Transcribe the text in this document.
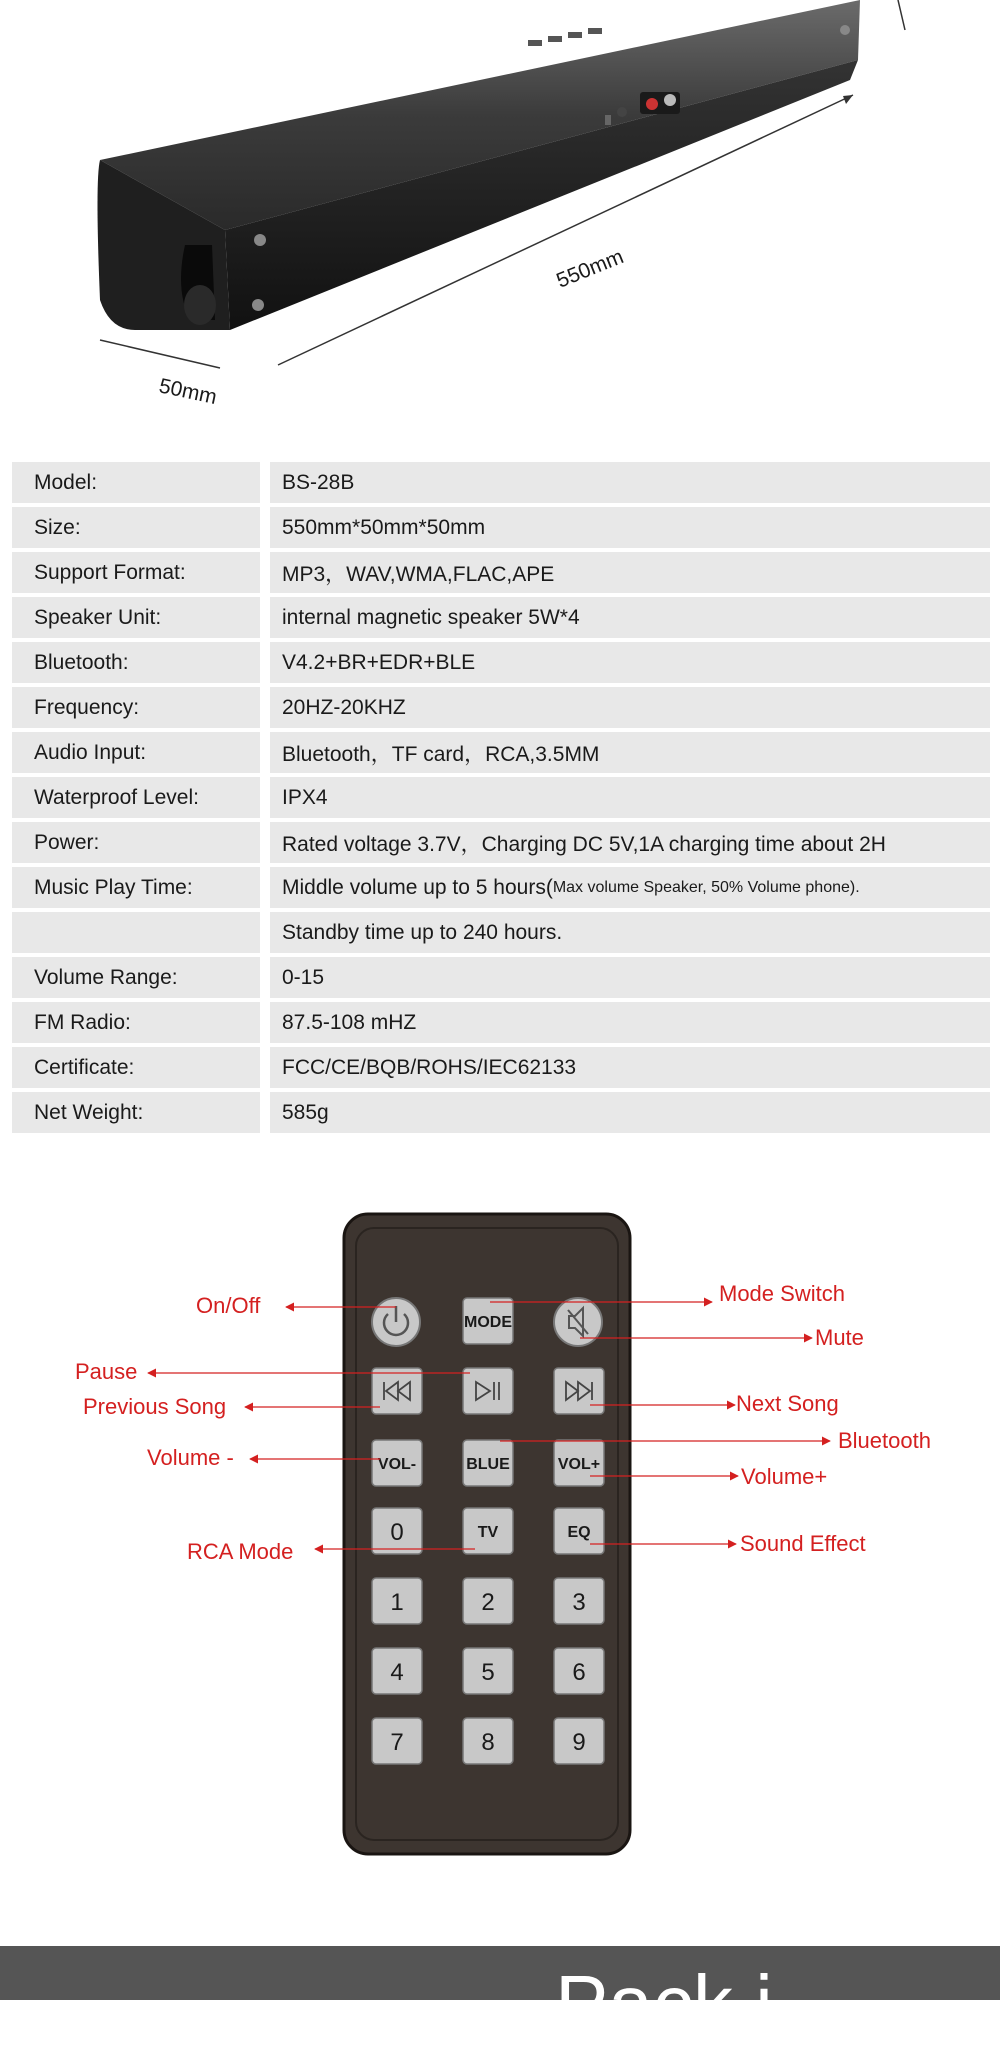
550mm
50mm
Model:	BS-28B
Size:	550mm*50mm*50mm
Support Format:	MP3，WAV,WMA,FLAC,APE
Speaker Unit:	internal magnetic speaker 5W*4
Bluetooth:	V4.2+BR+EDR+BLE
Frequency:	20HZ-20KHZ
Audio Input:	Bluetooth，TF card，RCA,3.5MM
Waterproof Level:	IPX4
Power:	Rated voltage 3.7V，Charging DC 5V,1A charging time about 2H
Music Play Time:	Middle volume up to 5 hours( Max volume Speaker, 50% Volume phone).
Standby time up to 240 hours.
Volume Range:	0-15
FM Radio:	87.5-108 mHZ
Certificate:	FCC/CE/BQB/ROHS/IEC62133
Net Weight:	585g
MODE
VOL-	BLUE	VOL+
0	TV	EQ
1	2	3
4	5	6
7	8	9
On/Off	Mode Switch
Mute
Pause
Previous Song	Next Song
Bluetooth
Volume -
Volume+
RCA Mode	Sound Effect
Pack i
